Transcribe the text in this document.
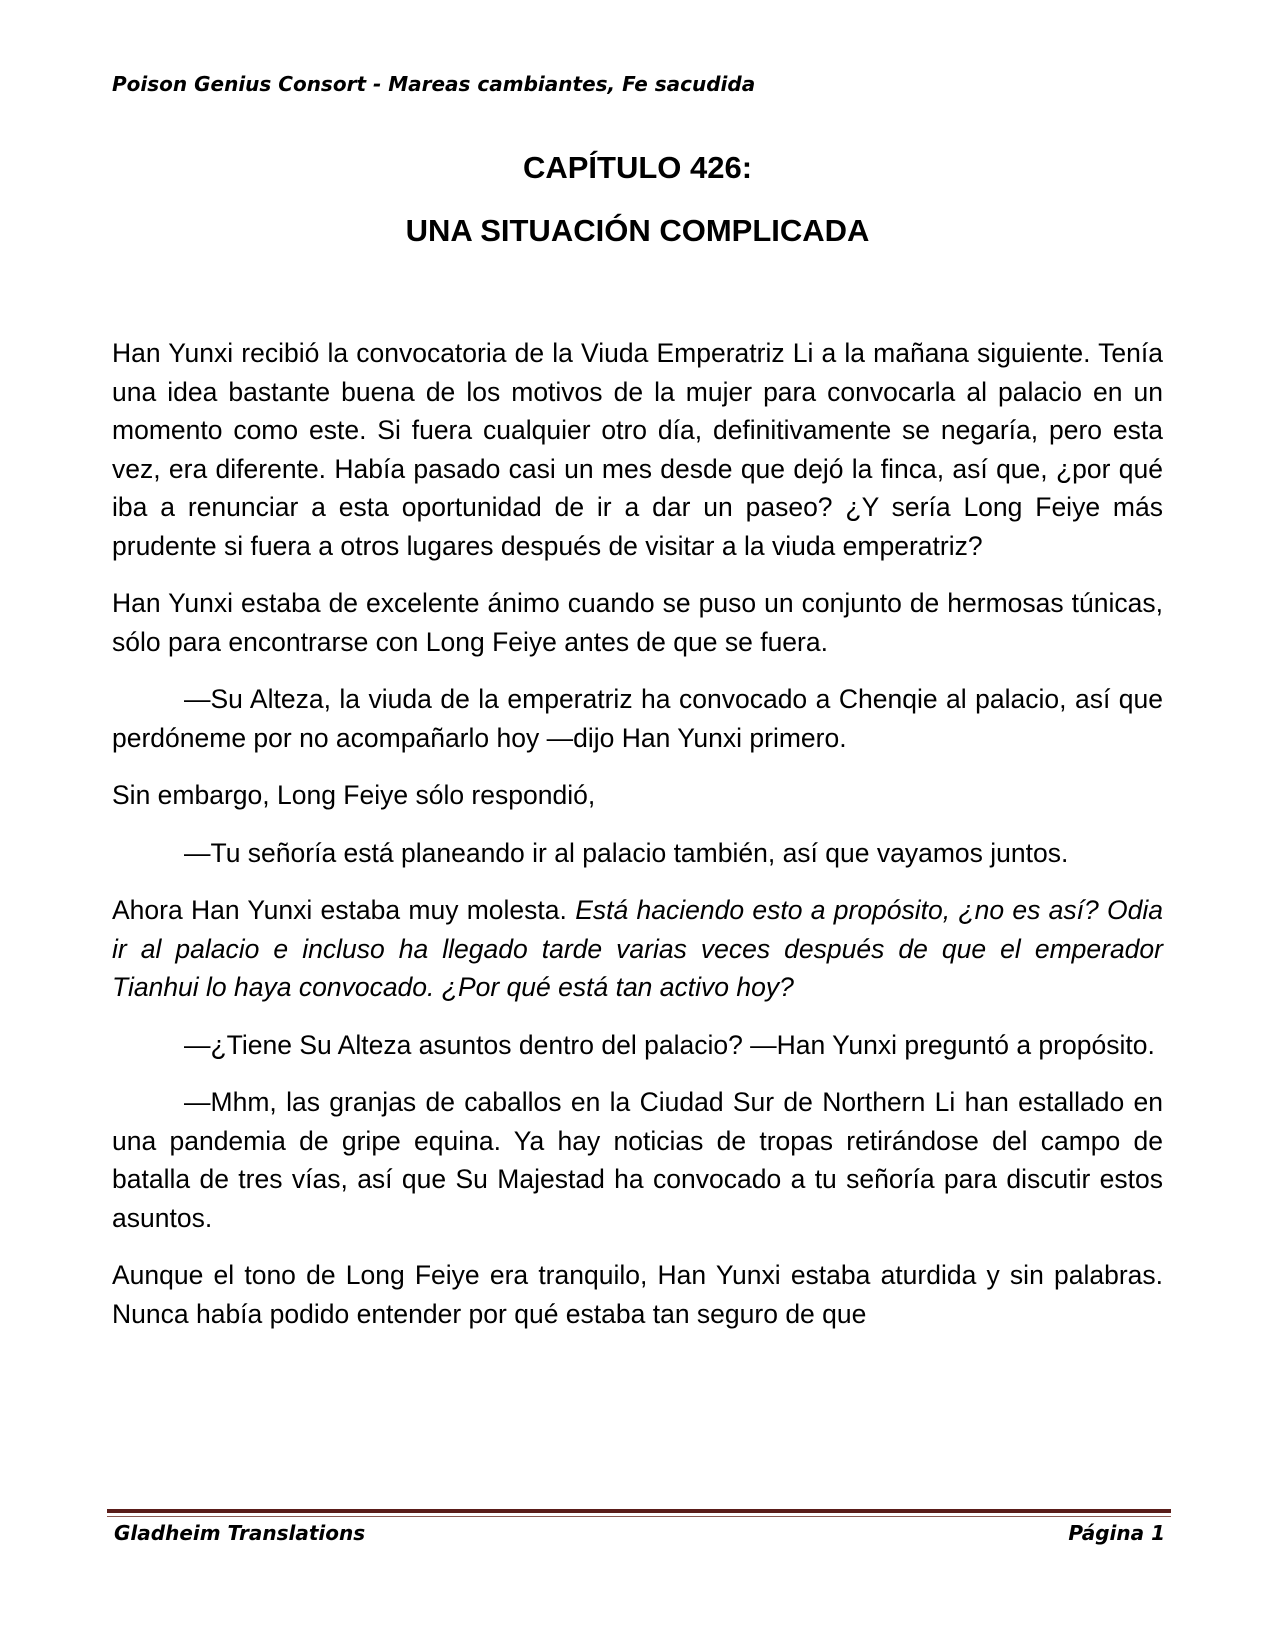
Poison Genius Consort - Mareas cambiantes, Fe sacudida
CAPÍTULO 426:
UNA SITUACIÓN COMPLICADA

Han Yunxi recibió la convocatoria de la Viuda Emperatriz Li a la mañana siguiente. Tenía una idea bastante buena de los motivos de la mujer para convocarla al palacio en un momento como este. Si fuera cualquier otro día, definitivamente se negaría, pero esta vez, era diferente. Había pasado casi un mes desde que dejó la finca, así que, ¿por qué iba a renunciar a esta oportunidad de ir a dar un paseo? ¿Y sería Long Feiye más prudente si fuera a otros lugares después de visitar a la viuda emperatriz?

Han Yunxi estaba de excelente ánimo cuando se puso un conjunto de hermosas túnicas, sólo para encontrarse con Long Feiye antes de que se fuera.

—Su Alteza, la viuda de la emperatriz ha convocado a Chenqie al palacio, así que perdóneme por no acompañarlo hoy —dijo Han Yunxi primero.

Sin embargo, Long Feiye sólo respondió,

—Tu señoría está planeando ir al palacio también, así que vayamos juntos.

Ahora Han Yunxi estaba muy molesta. Está haciendo esto a propósito, ¿no es así? Odia ir al palacio e incluso ha llegado tarde varias veces después de que el emperador Tianhui lo haya convocado. ¿Por qué está tan activo hoy?

—¿Tiene Su Alteza asuntos dentro del palacio? —Han Yunxi preguntó a propósito.

—Mhm, las granjas de caballos en la Ciudad Sur de Northern Li han estallado en una pandemia de gripe equina. Ya hay noticias de tropas retirándose del campo de batalla de tres vías, así que Su Majestad ha convocado a tu señoría para discutir estos asuntos.

Aunque el tono de Long Feiye era tranquilo, Han Yunxi estaba aturdida y sin palabras. Nunca había podido entender por qué estaba tan seguro de que

Gladheim Translations	Página 1
